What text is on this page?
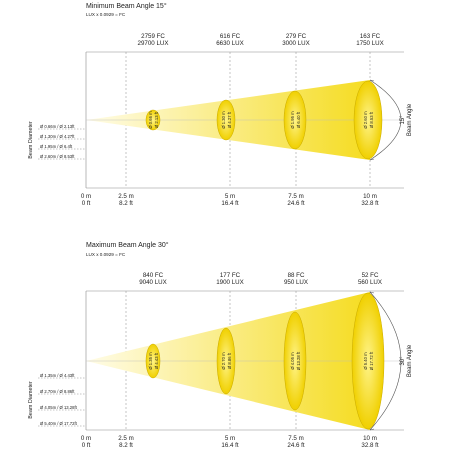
Minimum Beam Angle 15°
LUX x 0.0929 = FC
2759 FC
29700 LUX
616 FC
6630 LUX
279 FC
3000 LUX
163 FC
1750 LUX
Ø 0.66 m Ø 2.13 ft	Ø 1.30 m Ø 4.27 ft	Ø 1.95 m Ø 6.40 ft	Ø 2.60 m Ø 8.53 ft	15° Beam Angle
Ø 0.66m / Ø 2.13ft
Ø 1.30m / Ø 4.27ft
Ø 1.95m / Ø 6.4ft
Ø 2.60m / Ø 8.53ft
Beam Diameter
0 m
0 ft
2.5 m
8.2 ft
5 m
16.4 ft
7.5 m
24.6 ft
10 m
32.8 ft
Maximum Beam Angle 30°
LUX x 0.0929 = FC
840 FC
9040 LUX
177 FC
1900 LUX
88 FC
950 LUX
52 FC
560 LUX
Ø 1.35 m Ø 4.43 ft	Ø 2.70 m Ø 8.86 ft	Ø 4.05 m Ø 13.28 ft	Ø 5.40 m Ø 17.72 ft	30° Beam Angle
Ø 1.35m / Ø 4.43ft
Ø 2.70m / Ø 8.86ft
Ø 4.05m / Ø 13.28ft
Ø 5.40m / Ø 17.72ft
Beam Diameter
0 m
0 ft
2.5 m
8.2 ft
5 m
16.4 ft
7.5 m
24.6 ft
10 m
32.8 ft
